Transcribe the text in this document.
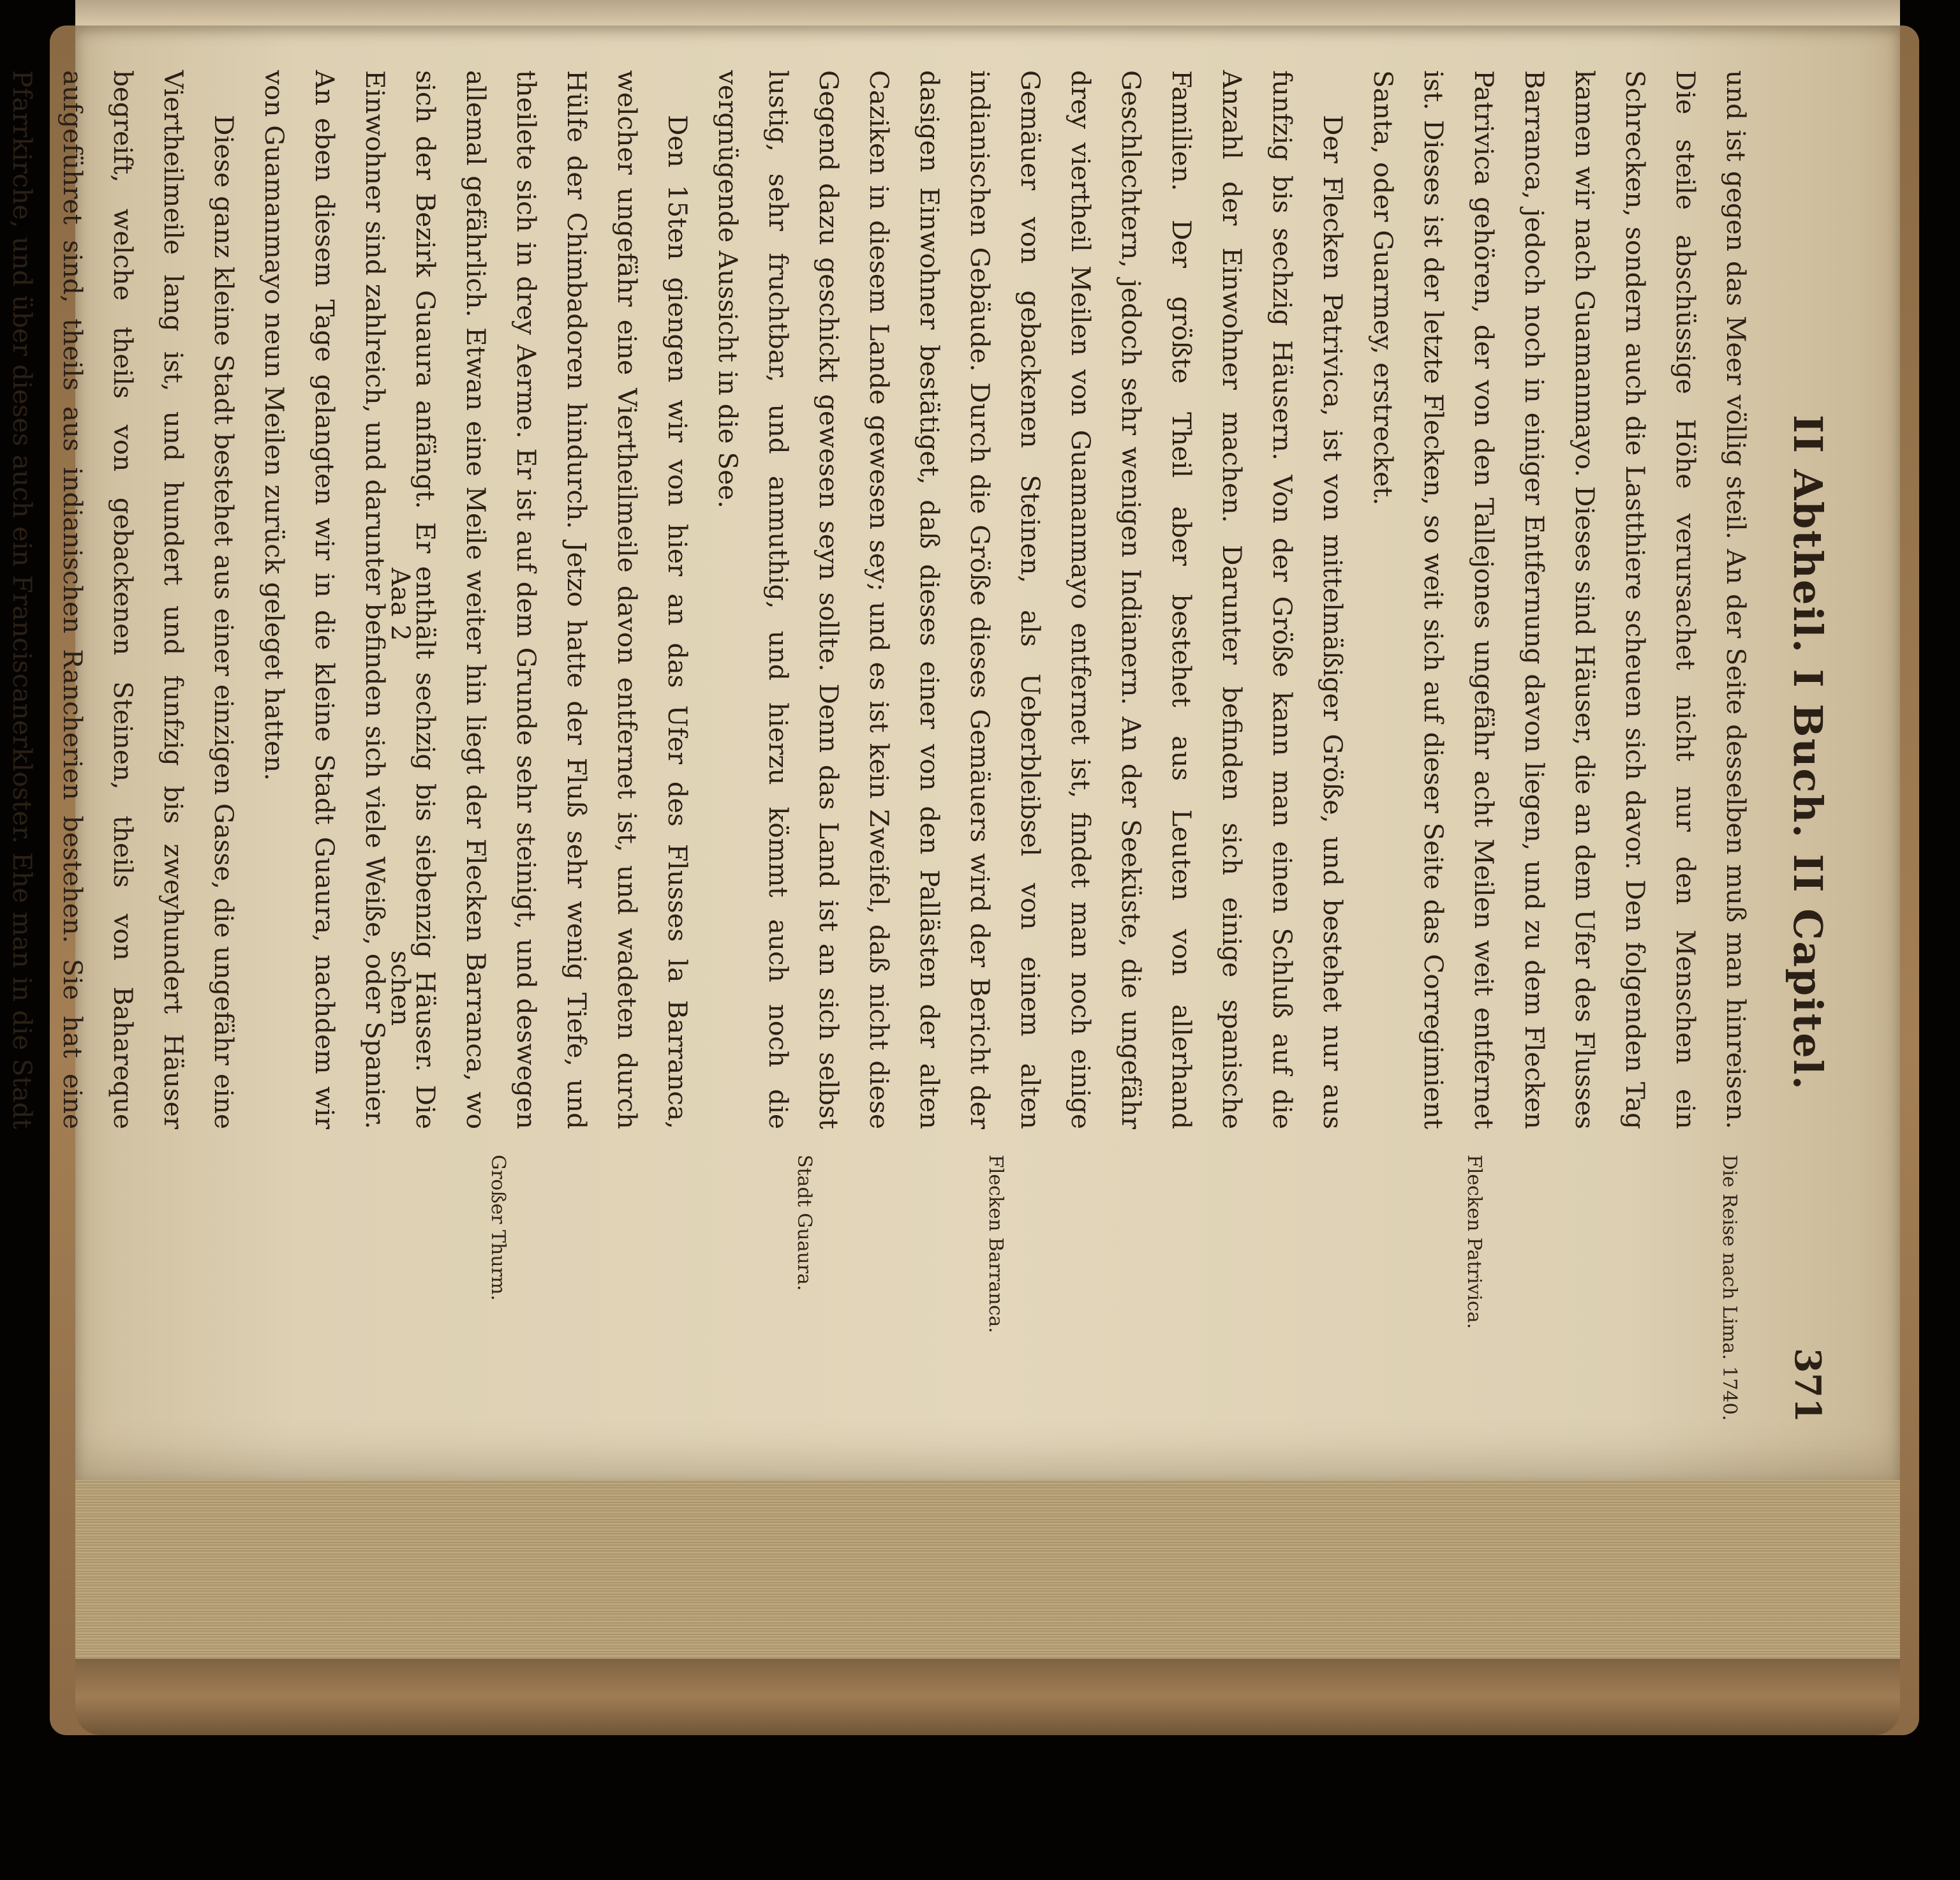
II Abtheil. I Buch. II Capitel.
371

und ist gegen das Meer völlig steil. An der Seite desselben muß man hinreisen. Die steile abschüssige Höhe verursachet nicht nur den Menschen ein Schrecken, sondern auch die Lastthiere scheuen sich davor. Den folgenden Tag kamen wir nach Guamanmayo. Dieses sind Häuser, die an dem Ufer des Flusses Barranca, jedoch noch in einiger Entfernung davon liegen, und zu dem Flecken Patrivica gehören, der von den Tallejones ungefähr acht Meilen weit entfernet ist. Dieses ist der letzte Flecken, so weit sich auf dieser Seite das Corregimient Santa, oder Guarmey, erstrecket.

Der Flecken Patrivica, ist von mittelmäßiger Größe, und bestehet nur aus funfzig bis sechzig Häusern. Von der Größe kann man einen Schluß auf die Anzahl der Einwohner machen. Darunter befinden sich einige spanische Familien. Der größte Theil aber bestehet aus Leuten von allerhand Geschlechtern, jedoch sehr wenigen Indianern. An der Seeküste, die ungefähr drey viertheil Meilen von Guamanmayo entfernet ist, findet man noch einige Gemäuer von gebackenen Steinen, als Ueberbleibsel von einem alten indianischen Gebäude. Durch die Größe dieses Gemäuers wird der Bericht der dasigen Einwohner bestätiget, daß dieses einer von den Pallästen der alten Caziken in diesem Lande gewesen sey; und es ist kein Zweifel, daß nicht diese Gegend dazu geschickt gewesen seyn sollte. Denn das Land ist an sich selbst lustig, sehr fruchtbar, und anmuthig, und hierzu kömmt auch noch die vergnügende Aussicht in die See.

Den 15ten giengen wir von hier an das Ufer des Flusses la Barranca, welcher ungefähr eine Viertheilmeile davon entfernet ist, und wadeten durch Hülfe der Chimbadoren hindurch. Jetzo hatte der Fluß sehr wenig Tiefe, und theilete sich in drey Aerme. Er ist auf dem Grunde sehr steinigt, und deswegen allemal gefährlich. Etwan eine Meile weiter hin liegt der Flecken Barranca, wo sich der Bezirk Guaura anfängt. Er enthält sechzig bis siebenzig Häuser. Die Einwohner sind zahlreich, und darunter befinden sich viele Weiße, oder Spanier. An eben diesem Tage gelangten wir in die kleine Stadt Guaura, nachdem wir von Guamanmayo neun Meilen zurück geleget hatten.

Diese ganz kleine Stadt bestehet aus einer einzigen Gasse, die ungefähr eine Viertheilmeile lang ist, und hundert und funfzig bis zweyhundert Häuser begreift, welche theils von gebackenen Steinen, theils von Bahareque aufgeführet sind, theils aus indianischen Rancherien bestehen. Sie hat eine Pfarrkirche, und über dieses auch ein Franciscanerkloster. Ehe man in die Stadt

Die Reise nach Lima. 1740.
Flecken Patrivica.
Flecken Barranca.
Stadt Guaura.
Großer Thurm.
Aaa 2
schen
